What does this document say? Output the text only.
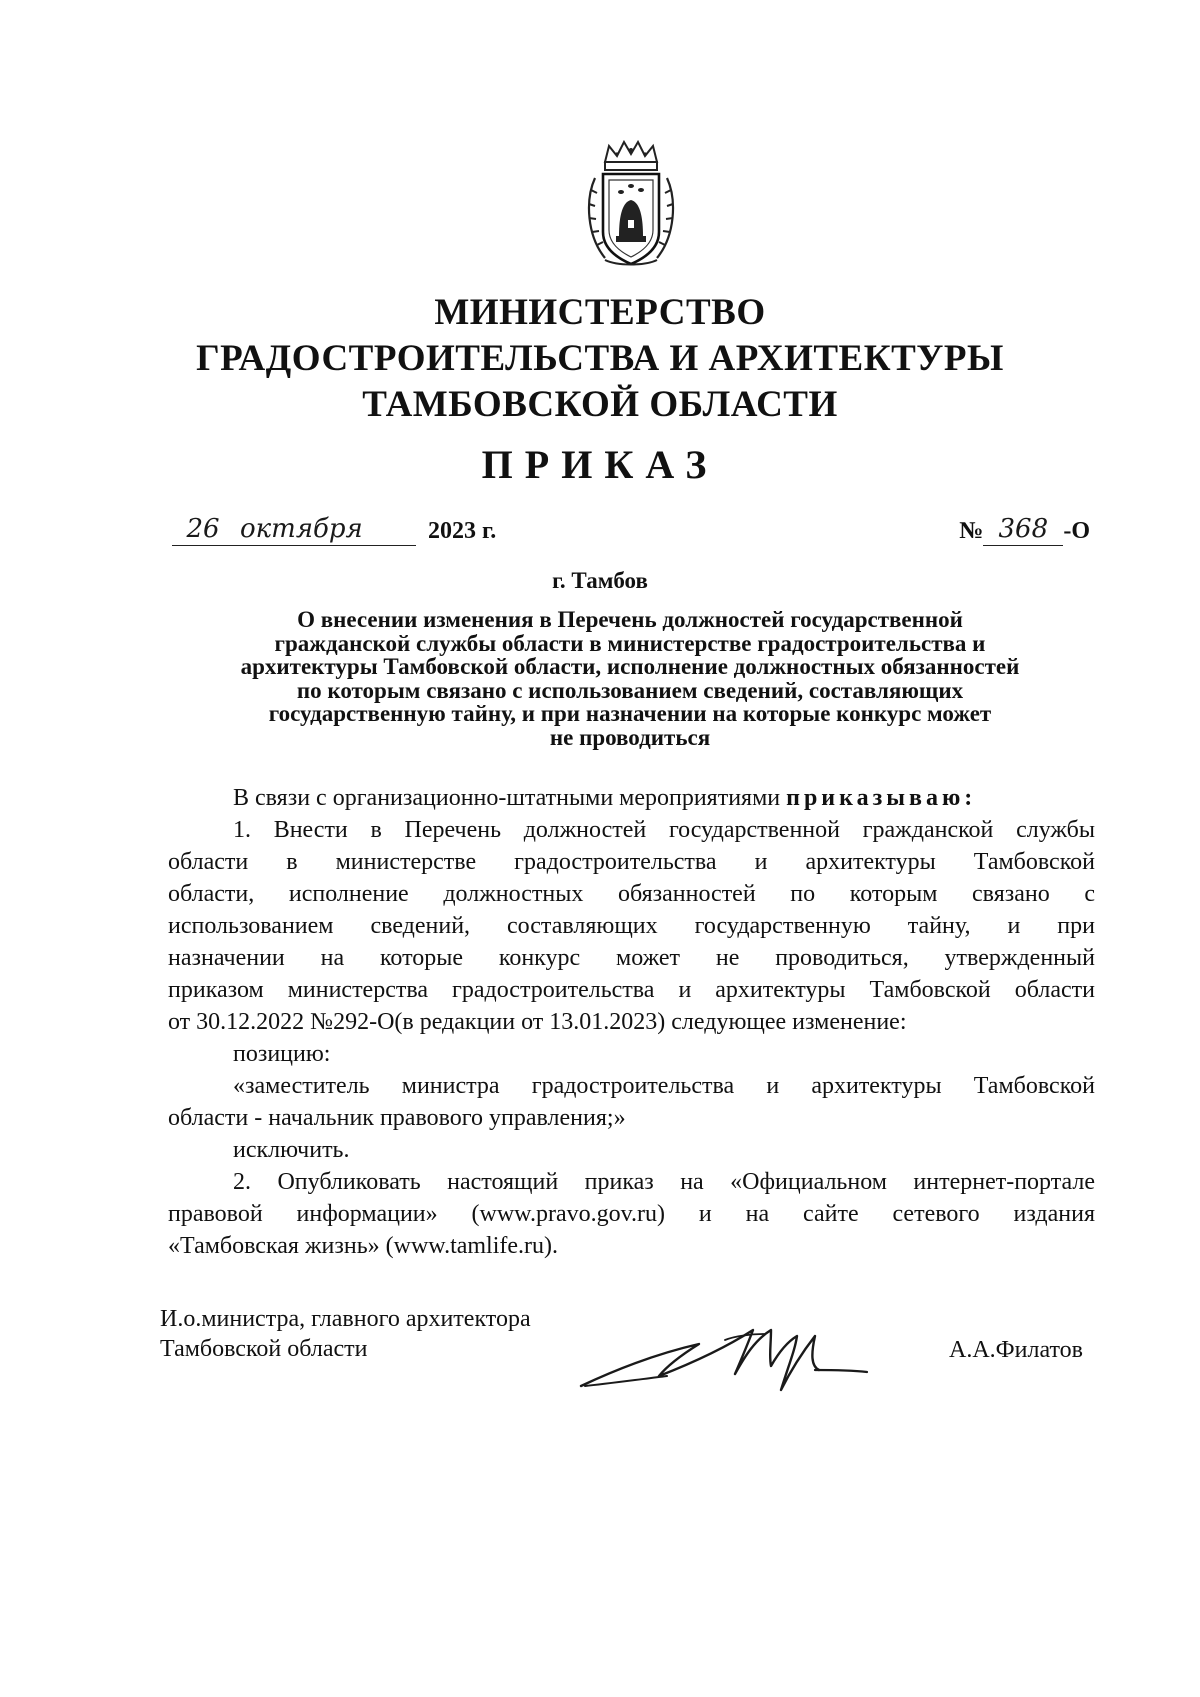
МИНИСТЕРСТВО
ГРАДОСТРОИТЕЛЬСТВА И АРХИТЕКТУРЫ
ТАМБОВСКОЙ ОБЛАСТИ
ПРИКАЗ
26 октября	2023 г.	№ 368 -О
г. Тамбов
О внесении изменения в Перечень должностей государственной
гражданской службы области в министерстве градостроительства и
архитектуры Тамбовской области, исполнение должностных обязанностей
по которым связано с использованием сведений, составляющих
государственную тайну, и при назначении на которые конкурс может
не проводиться
В связи с организационно-штатными мероприятиями приказываю:
1. Внести в Перечень должностей государственной гражданской службы
области в министерстве градостроительства и архитектуры Тамбовской
области, исполнение должностных обязанностей по которым связано с
использованием сведений, составляющих государственную тайну, и при
назначении на которые конкурс может не проводиться, утвержденный
приказом министерства градостроительства и архитектуры Тамбовской области
от 30.12.2022 №292-О(в редакции от 13.01.2023) следующее изменение:
позицию:
«заместитель министра градостроительства и архитектуры Тамбовской
области - начальник правового управления;»
исключить.
2. Опубликовать настоящий приказ на «Официальном интернет-портале
правовой информации» (www.pravo.gov.ru) и на сайте сетевого издания
«Тамбовская жизнь» (www.tamlife.ru).
И.о.министра, главного архитектора
Тамбовской области	А.А.Филатов
